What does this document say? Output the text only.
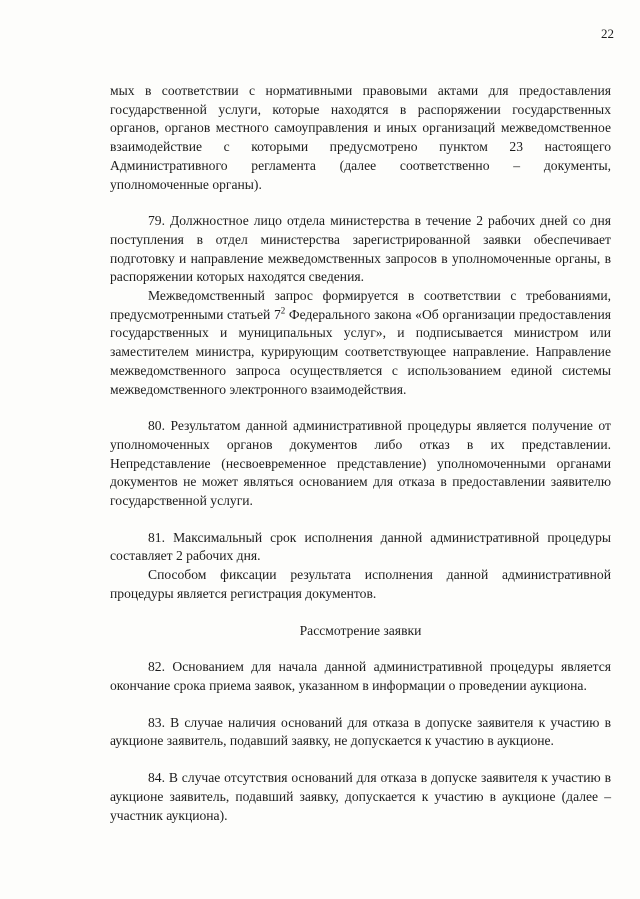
22

мых в соответствии с нормативными правовыми актами для предоставления государственной услуги, которые находятся в распоряжении государственных органов, органов местного самоуправления и иных организаций межведомственное взаимодействие с которыми предусмотрено пунктом 23 настоящего Административного регламента (далее соответственно – документы, уполномоченные органы).

79. Должностное лицо отдела министерства в течение 2 рабочих дней со дня поступления в отдел министерства зарегистрированной заявки обеспечивает подготовку и направление межведомственных запросов в уполномоченные органы, в распоряжении которых находятся сведения.

Межведомственный запрос формируется в соответствии с требованиями, предусмотренными статьей $7^2$ Федерального закона «Об организации предоставления государственных и муниципальных услуг», и подписывается министром или заместителем министра, курирующим соответствующее направление. Направление межведомственного запроса осуществляется с использованием единой системы межведомственного электронного взаимодействия.

80. Результатом данной административной процедуры является получение от уполномоченных органов документов либо отказ в их представлении. Непредставление (несвоевременное представление) уполномоченными органами документов не может являться основанием для отказа в предоставлении заявителю государственной услуги.

81. Максимальный срок исполнения данной административной процедуры составляет 2 рабочих дня.

Способом фиксации результата исполнения данной административной процедуры является регистрация документов.

Рассмотрение заявки

82. Основанием для начала данной административной процедуры является окончание срока приема заявок, указанном в информации о проведении аукциона.

83. В случае наличия оснований для отказа в допуске заявителя к участию в аукционе заявитель, подавший заявку, не допускается к участию в аукционе.

84. В случае отсутствия оснований для отказа в допуске заявителя к участию в аукционе заявитель, подавший заявку, допускается к участию в аукционе (далее – участник аукциона).
